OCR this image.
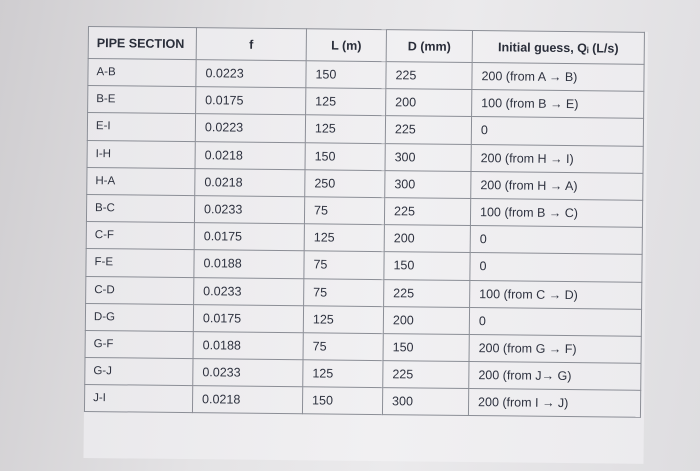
PIPE SECTION	f	L (m)	D (mm)	Initial guess, Qᵢ (L/s)
A-B	0.0223	150	225	200 (from A → B)
B-E	0.0175	125	200	100 (from B → E)
E-I	0.0223	125	225	0
I-H	0.0218	150	300	200 (from H → I)
H-A	0.0218	250	300	200 (from H → A)
B-C	0.0233	75	225	100 (from B → C)
C-F	0.0175	125	200	0
F-E	0.0188	75	150	0
C-D	0.0233	75	225	100 (from C → D)
D-G	0.0175	125	200	0
G-F	0.0188	75	150	200 (from G → F)
G-J	0.0233	125	225	200 (from J→ G)
J-I	0.0218	150	300	200 (from I → J)
